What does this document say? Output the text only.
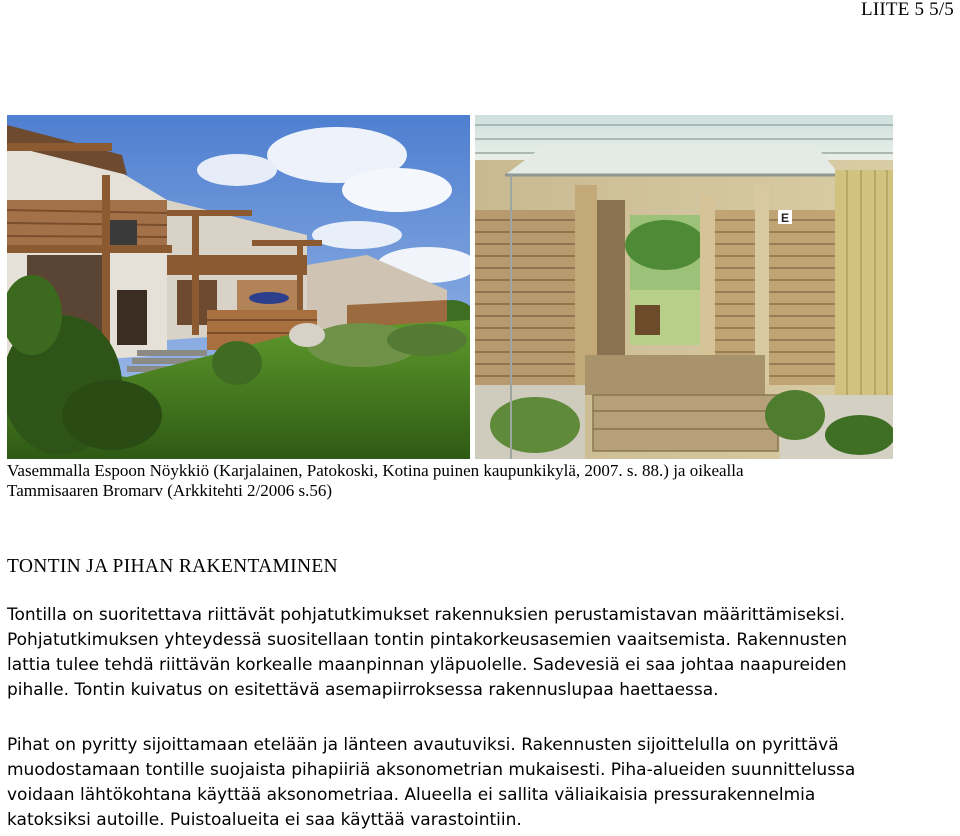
LIITE 5 5/5
E
Vasemmalla Espoon Nöykkiö (Karjalainen, Patokoski, Kotina puinen kaupunkikylä, 2007. s. 88.) ja oikealla
Tammisaaren Bromarv (Arkkitehti 2/2006 s.56)
TONTIN JA PIHAN RAKENTAMINEN
Tontilla on suoritettava riittävät pohjatutkimukset rakennuksien perustamistavan määrittämiseksi.
Pohjatutkimuksen yhteydessä suositellaan tontin pintakorkeusasemien vaaitsemista. Rakennusten
lattia tulee tehdä riittävän korkealle maanpinnan yläpuolelle. Sadevesiä ei saa johtaa naapureiden
pihalle. Tontin kuivatus on esitettävä asemapiirroksessa rakennuslupaa haettaessa.
Pihat on pyritty sijoittamaan etelään ja länteen avautuviksi. Rakennusten sijoittelulla on pyrittävä
muodostamaan tontille suojaista pihapiiriä aksonometrian mukaisesti. Piha-alueiden suunnittelussa
voidaan lähtökohtana käyttää aksonometriaa. Alueella ei sallita väliaikaisia pressurakennelmia
katoksiksi autoille. Puistoalueita ei saa käyttää varastointiin.
